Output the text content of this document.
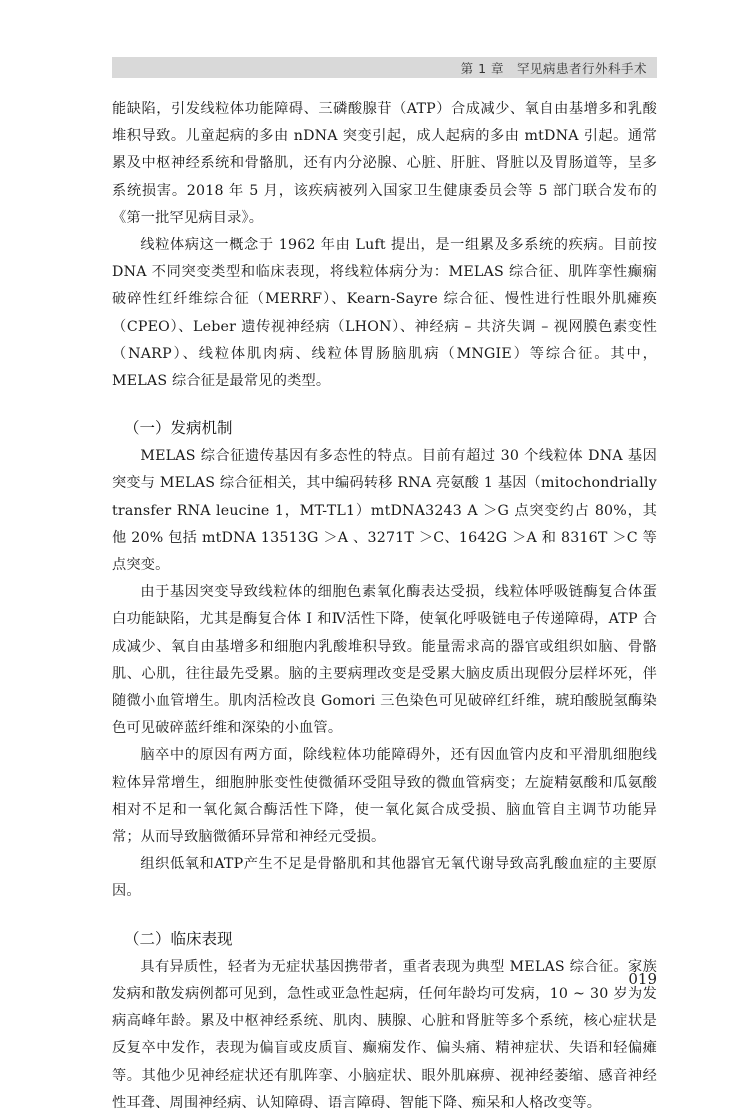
第 1 章　罕见病患者行外科手术

能缺陷，引发线粒体功能障碍、三磷酸腺苷（ATP）合成减少、氧自由基增多和乳酸堆积导致。儿童起病的多由 nDNA 突变引起，成人起病的多由 mtDNA 引起。通常累及中枢神经系统和骨骼肌，还有内分泌腺、心脏、肝脏、肾脏以及胃肠道等，呈多系统损害。2018 年 5 月，该疾病被列入国家卫生健康委员会等 5 部门联合发布的《第一批罕见病目录》。

线粒体病这一概念于 1962 年由 Luft 提出，是一组累及多系统的疾病。目前按 DNA 不同突变类型和临床表现，将线粒体病分为：MELAS 综合征、肌阵挛性癫痫破碎性红纤维综合征（MERRF）、Kearn-Sayre 综合征、慢性进行性眼外肌瘫痪（CPEO）、Leber 遗传视神经病（LHON）、神经病 – 共济失调 – 视网膜色素变性（NARP）、线粒体肌肉病、线粒体胃肠脑肌病（MNGIE）等综合征。其中，MELAS 综合征是最常见的类型。

（一）发病机制

MELAS 综合征遗传基因有多态性的特点。目前有超过 30 个线粒体 DNA 基因突变与 MELAS 综合征相关，其中编码转移 RNA 亮氨酸 1 基因（mitochondrially transfer RNA leucine 1，MT-TL1）mtDNA3243 A ＞G 点突变约占 80%，其他 20% 包括 mtDNA 13513G ＞A 、3271T ＞C、1642G ＞A 和 8316T ＞C 等点突变。

由于基因突变导致线粒体的细胞色素氧化酶表达受损，线粒体呼吸链酶复合体蛋白功能缺陷，尤其是酶复合体 Ⅰ 和Ⅳ活性下降，使氧化呼吸链电子传递障碍，ATP 合成减少、氧自由基增多和细胞内乳酸堆积导致。能量需求高的器官或组织如脑、骨骼肌、心肌，往往最先受累。脑的主要病理改变是受累大脑皮质出现假分层样坏死，伴随微小血管增生。肌肉活检改良 Gomori 三色染色可见破碎红纤维，琥珀酸脱氢酶染色可见破碎蓝纤维和深染的小血管。

脑卒中的原因有两方面，除线粒体功能障碍外，还有因血管内皮和平滑肌细胞线粒体异常增生，细胞肿胀变性使微循环受阻导致的微血管病变；左旋精氨酸和瓜氨酸相对不足和一氧化氮合酶活性下降，使一氧化氮合成受损、脑血管自主调节功能异常；从而导致脑微循环异常和神经元受损。

组织低氧和ATP产生不足是骨骼肌和其他器官无氧代谢导致高乳酸血症的主要原因。

（二）临床表现

具有异质性，轻者为无症状基因携带者，重者表现为典型 MELAS 综合征。家族发病和散发病例都可见到，急性或亚急性起病，任何年龄均可发病，10 ~ 30 岁为发病高峰年龄。累及中枢神经系统、肌肉、胰腺、心脏和肾脏等多个系统，核心症状是反复卒中发作，表现为偏盲或皮质盲、癫痫发作、偏头痛、精神症状、失语和轻偏瘫等。其他少见神经症状还有肌阵挛、小脑症状、眼外肌麻痹、视神经萎缩、感音神经性耳聋、周围神经病、认知障碍、语言障碍、智能下降、痴呆和人格改变等。

019
